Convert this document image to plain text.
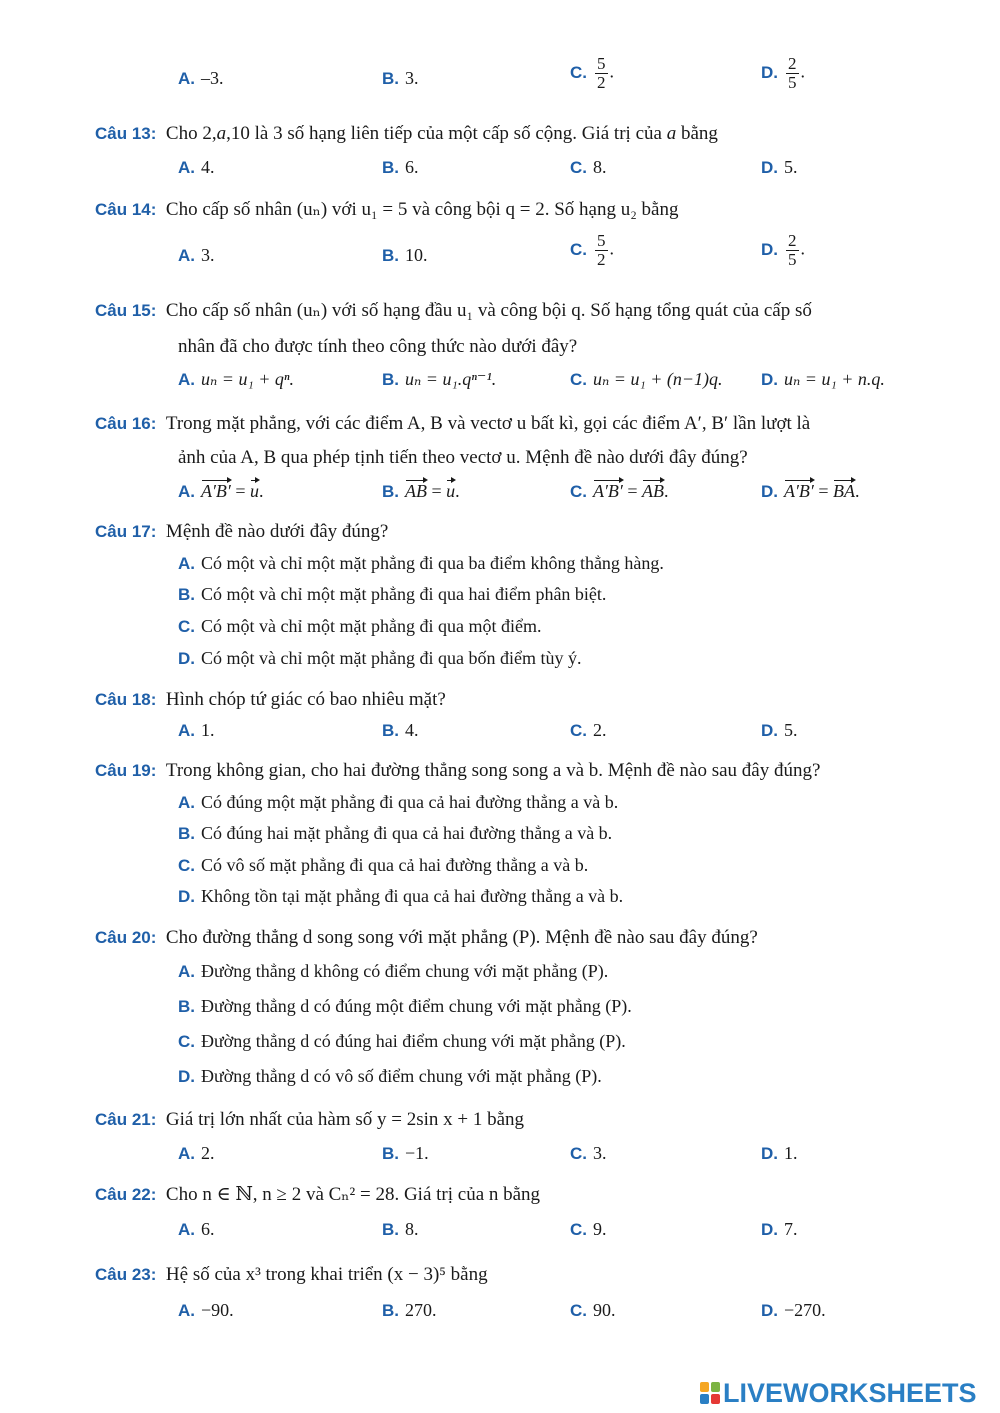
A. –3.	B. 3.	C. $\frac{5}{2}$ .	D. $\frac{2}{5}$ .
Câu 13: Cho 2,a,10 là 3 số hạng liên tiếp của một cấp số cộng. Giá trị của a bằng
A. 4.	B. 6.	C. 8.	D. 5.
Câu 14: Cho cấp số nhân (uₙ) với u₁ = 5 và công bội q = 2. Số hạng u₂ bằng
A. 3.	B. 10.	C. $\frac{5}{2}$ .	D. $\frac{2}{5}$ .
Câu 15: Cho cấp số nhân (uₙ) với số hạng đầu u₁ và công bội q. Số hạng tổng quát của cấp số
nhân đã cho được tính theo công thức nào dưới đây?
A. uₙ = u₁ + qⁿ.	B. uₙ = u₁.qⁿ⁻¹.	C. uₙ = u₁ + (n−1)q. D. uₙ = u₁ + n.q.
Câu 16: Trong mặt phẳng, với các điểm A, B và vectơ u bất kì, gọi các điểm A′, B′ lần lượt là
ảnh của A, B qua phép tịnh tiến theo vectơ u. Mệnh đề nào dưới đây đúng?
A. A′B′ = u.	B. AB = u.	C. A′B′ = AB.	D. A′B′ = BA.
Câu 17: Mệnh đề nào dưới đây đúng?
A. Có một và chỉ một mặt phẳng đi qua ba điểm không thẳng hàng.
B. Có một và chỉ một mặt phẳng đi qua hai điểm phân biệt.
C. Có một và chỉ một mặt phẳng đi qua một điểm.
D. Có một và chỉ một mặt phẳng đi qua bốn điểm tùy ý.
Câu 18: Hình chóp tứ giác có bao nhiêu mặt?
A. 1.	B. 4.	C. 2.	D. 5.
Câu 19: Trong không gian, cho hai đường thẳng song song a và b. Mệnh đề nào sau đây đúng?
A. Có đúng một mặt phẳng đi qua cả hai đường thẳng a và b.
B. Có đúng hai mặt phẳng đi qua cả hai đường thẳng a và b.
C. Có vô số mặt phẳng đi qua cả hai đường thẳng a và b.
D. Không tồn tại mặt phẳng đi qua cả hai đường thẳng a và b.
Câu 20: Cho đường thẳng d song song với mặt phẳng (P). Mệnh đề nào sau đây đúng?
A. Đường thẳng d không có điểm chung với mặt phẳng (P).
B. Đường thẳng d có đúng một điểm chung với mặt phẳng (P).
C. Đường thẳng d có đúng hai điểm chung với mặt phẳng (P).
D. Đường thẳng d có vô số điểm chung với mặt phẳng (P).
Câu 21: Giá trị lớn nhất của hàm số y = 2sin x + 1 bằng
A. 2.	B. −1.	C. 3.	D. 1.
Câu 22: Cho n ∈ ℕ, n ≥ 2 và Cₙ² = 28. Giá trị của n bằng
A. 6.	B. 8.	C. 9.	D. 7.
Câu 23: Hệ số của x³ trong khai triển (x − 3)⁵ bằng
A. −90.	B. 270.	C. 90.	D. −270.
LIVEWORKSHEETS
